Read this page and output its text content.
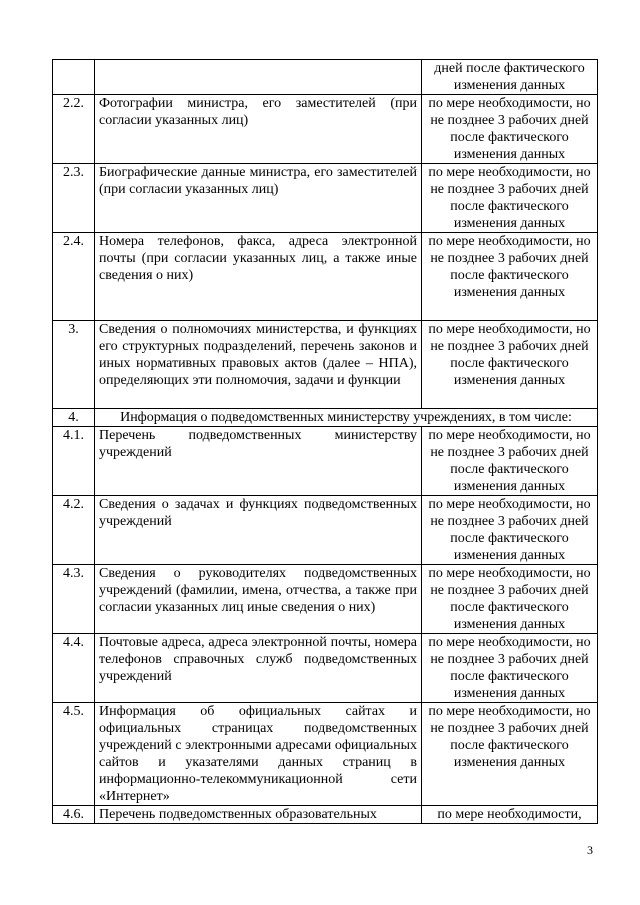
		дней после фактического изменения данных
2.2.	Фотографии министра, его заместителей (при согласии указанных лиц)	по мере необходимости, но не позднее 3 рабочих дней после фактического изменения данных
2.3.	Биографические данные министра, его заместителей (при согласии указанных лиц)	по мере необходимости, но не позднее 3 рабочих дней после фактического изменения данных
2.4.	Номера телефонов, факса, адреса электронной почты (при согласии указанных лиц, а также иные сведения о них)	по мере необходимости, но не позднее 3 рабочих дней после фактического изменения данных
3.	Сведения о полномочиях министерства, и функциях его структурных подразделений, перечень законов и иных нормативных правовых актов (далее – НПА), определяющих эти полномочия, задачи и функции	по мере необходимости, но не позднее 3 рабочих дней после фактического изменения данных
4.	Информация о подведомственных министерству учреждениях, в том числе:	
4.1.	Перечень подведомственных министерству учреждений	по мере необходимости, но не позднее 3 рабочих дней после фактического изменения данных
4.2.	Сведения о задачах и функциях подведомственных учреждений	по мере необходимости, но не позднее 3 рабочих дней после фактического изменения данных
4.3.	Сведения о руководителях подведомственных учреждений (фамилии, имена, отчества, а также при согласии указанных лиц иные сведения о них)	по мере необходимости, но не позднее 3 рабочих дней после фактического изменения данных
4.4.	Почтовые адреса, адреса электронной почты, номера телефонов справочных служб подведомственных учреждений	по мере необходимости, но не позднее 3 рабочих дней после фактического изменения данных
4.5.	Информация об официальных сайтах и официальных страницах подведомственных учреждений с электронными адресами официальных сайтов и указателями данных страниц в информационно-телекоммуникационной сети «Интернет»	по мере необходимости, но не позднее 3 рабочих дней после фактического изменения данных
4.6.	Перечень подведомственных образовательных	по мере необходимости,
3
